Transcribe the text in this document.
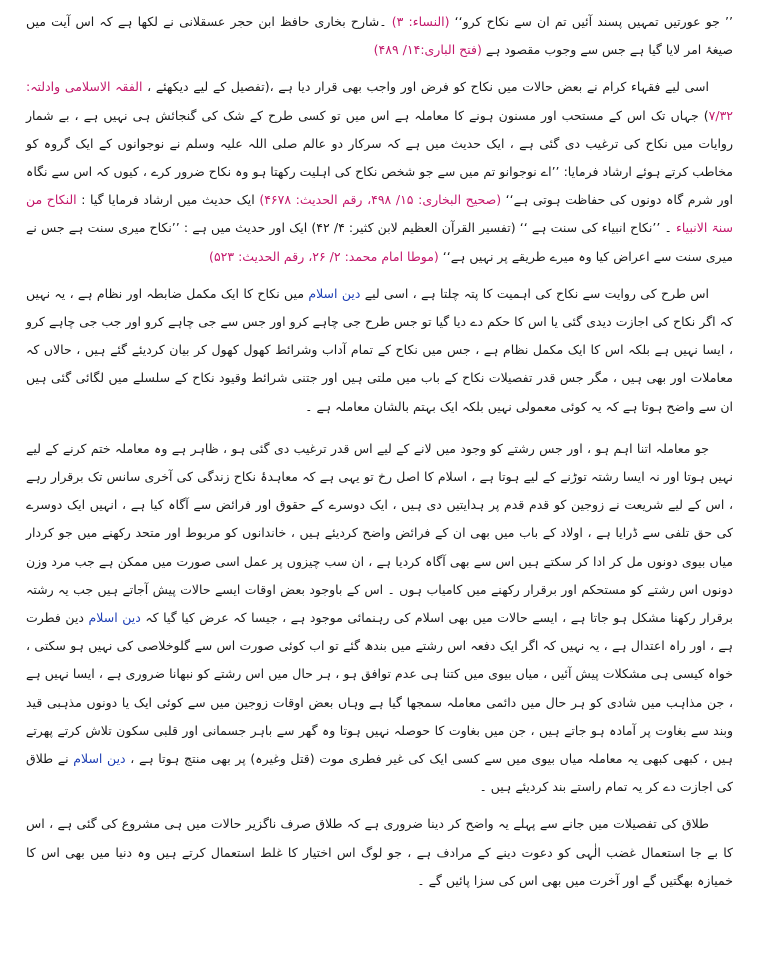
’’ جو عورتیں تمہیں پسند آئیں تم ان سے نکاح کرو‘‘ (النساء: ۳) ۔شارح بخاری حافظ ابن حجر عسقلانی نے لکھا ہے کہ اس آیت میں صیغۂ امر لایا گیا ہے جس سے وجوب مقصود ہے (فتح الباری:۱۴/ ۴۸۹)

اسی لیے فقہاء کرام نے بعض حالات میں نکاح کو فرض اور واجب بھی قرار دیا ہے ،(تفصیل کے لیے دیکھئے ، الفقہ الاسلامی وادلتہ: ۷/۳۲) جہاں تک اس کے مستحب اور مسنون ہونے کا معاملہ ہے اس میں تو کسی طرح کے شک کی گنجائش ہی نہیں ہے ، بے شمار روایات میں نکاح کی ترغیب دی گئی ہے ، ایک حدیث میں ہے کہ سرکار دو عالم صلی اللہ علیہ وسلم نے نوجوانوں کے ایک گروہ کو مخاطب کرتے ہوئے ارشاد فرمایا: ’’اے نوجوانو تم میں سے جو شخص نکاح کی اہلیت رکھتا ہو وہ نکاح ضرور کرے ، کیوں کہ اس سے نگاہ اور شرم گاہ دونوں کی حفاظت ہوتی ہے‘‘ (صحیح البخاری: ۱۵/ ۴۹۸، رقم الحدیث: ۴۶۷۸) ایک حدیث میں ارشاد فرمایا گیا : النکاح من سنۃ الانبیاء ۔ ’’نکاح انبیاء کی سنت ہے ‘‘ (تفسیر القرآن العظیم لابن کثیر: ۴/ ۴۲) ایک اور حدیث میں ہے : ’’نکاح میری سنت ہے جس نے میری سنت سے اعراض کیا وہ میرے طریقے پر نہیں ہے‘‘ (موطا امام محمد: ۲/ ۲۶، رقم الحدیث: ۵۲۳)

اس طرح کی روایت سے نکاح کی اہمیت کا پتہ چلتا ہے ، اسی لیے دین اسلام میں نکاح کا ایک مکمل ضابطہ اور نظام ہے ، یہ نہیں کہ اگر نکاح کی اجازت دیدی گئی یا اس کا حکم دے دیا گیا تو جس طرح جی چاہے کرو اور جس سے جی چاہے کرو اور جب جی چاہے کرو ، ایسا نہیں ہے بلکہ اس کا ایک مکمل نظام ہے ، جس میں نکاح کے تمام آداب وشرائط کھول کھول کر بیان کردیئے گئے ہیں ، حالاں کہ معاملات اور بھی ہیں ، مگر جس قدر تفصیلات نکاح کے باب میں ملتی ہیں اور جتنی شرائط وقیود نکاح کے سلسلے میں لگائی گئی ہیں ان سے واضح ہوتا ہے کہ یہ کوئی معمولی نہیں بلکہ ایک بہتم بالشان معاملہ ہے ۔

جو معاملہ اتنا اہم ہو ، اور جس رشتے کو وجود میں لانے کے لیے اس قدر ترغیب دی گئی ہو ، ظاہر ہے وہ معاملہ ختم کرنے کے لیے نہیں ہوتا اور نہ ایسا رشتہ توڑنے کے لیے ہوتا ہے ، اسلام کا اصل رخ تو یہی ہے کہ معاہدۂ نکاح زندگی کی آخری سانس تک برقرار رہے ، اس کے لیے شریعت نے زوجین کو قدم قدم پر ہدایتیں دی ہیں ، ایک دوسرے کے حقوق اور فرائض سے آگاہ کیا ہے ، انہیں ایک دوسرے کی حق تلفی سے ڈرایا ہے ، اولاد کے باب میں بھی ان کے فرائض واضح کردیئے ہیں ، خاندانوں کو مربوط اور متحد رکھنے میں جو کردار میاں بیوی دونوں مل کر ادا کر سکتے ہیں اس سے بھی آگاہ کردیا ہے ، ان سب چیزوں پر عمل اسی صورت میں ممکن ہے جب مرد وزن دونوں اس رشتے کو مستحکم اور برقرار رکھنے میں کامیاب ہوں ۔ اس کے باوجود بعض اوقات ایسے حالات پیش آجاتے ہیں جب یہ رشتہ برقرار رکھنا مشکل ہو جاتا ہے ، ایسے حالات میں بھی اسلام کی رہنمائی موجود ہے ، جیسا کہ عرض کیا گیا کہ دین اسلام دین فطرت ہے ، اور راہ اعتدال ہے ، یہ نہیں کہ اگر ایک دفعہ اس رشتے میں بندھ گئے تو اب کوئی صورت اس سے گلوخلاصی کی نہیں ہو سکتی ، خواہ کیسی ہی مشکلات پیش آئیں ، میاں بیوی میں کتنا ہی عدم توافق ہو ، ہر حال میں اس رشتے کو نبھانا ضروری ہے ، ایسا نہیں ہے ، جن مذاہب میں شادی کو ہر حال میں دائمی معاملہ سمجھا گیا ہے وہاں بعض اوقات زوجین میں سے کوئی ایک یا دونوں مذہبی قید وبند سے بغاوت پر آمادہ ہو جاتے ہیں ، جن میں بغاوت کا حوصلہ نہیں ہوتا وہ گھر سے باہر جسمانی اور قلبی سکون تلاش کرتے پھرتے ہیں ، کبھی کبھی یہ معاملہ میاں بیوی میں سے کسی ایک کی غیر فطری موت (قتل وغیرہ) پر بھی منتج ہوتا ہے ، دین اسلام نے طلاق کی اجازت دے کر یہ تمام راستے بند کردیئے ہیں ۔

طلاق کی تفصیلات میں جانے سے پہلے یہ واضح کر دینا ضروری ہے کہ طلاق صرف ناگزیر حالات میں ہی مشروع کی گئی ہے ، اس کا بے جا استعمال غضب الٰہی کو دعوت دینے کے مرادف ہے ، جو لوگ اس اختیار کا غلط استعمال کرتے ہیں وہ دنیا میں بھی اس کا خمیازہ بھگتیں گے اور آخرت میں بھی اس کی سزا پائیں گے ۔
